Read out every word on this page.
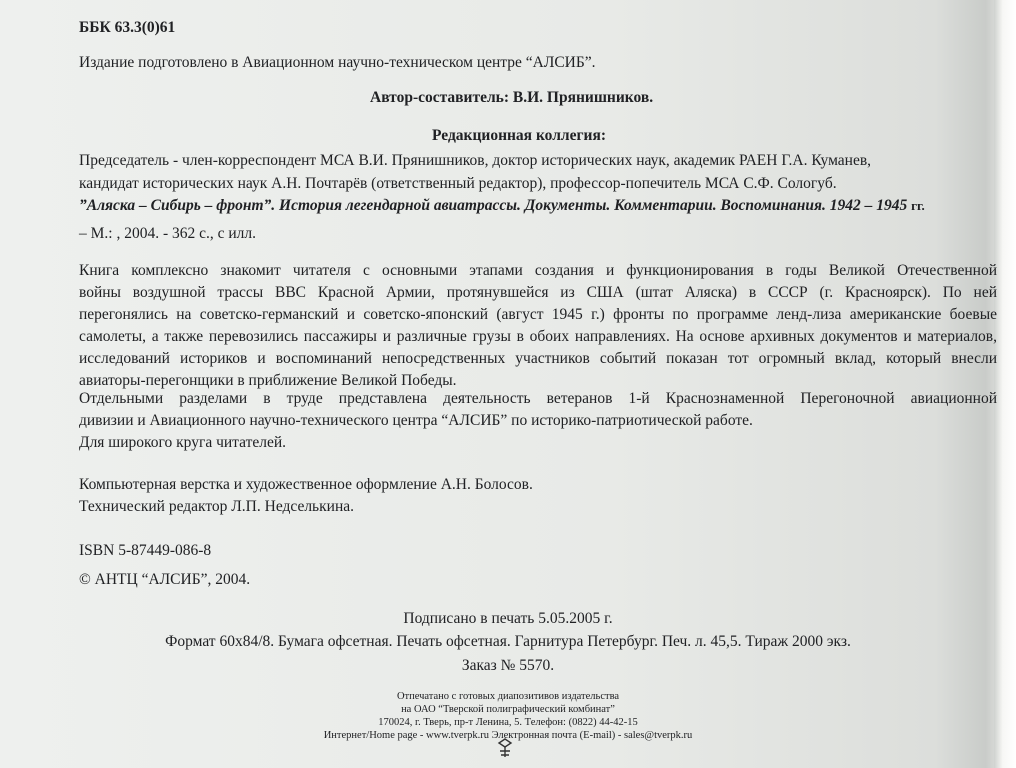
ББК 63.3(0)61
Издание подготовлено в Авиационном научно-техническом центре “АЛСИБ”.
Автор-составитель: В.И. Прянишников.
Редакционная коллегия:
Председатель - член-корреспондент МСА В.И. Прянишников, доктор исторических наук, академик РАЕН Г.А. Куманев,
кандидат исторических наук А.Н. Почтарёв (ответственный редактор), профессор-попечитель МСА С.Ф. Сологуб.
”Аляска – Сибирь – фронт”. История легендарной авиатрассы. Документы. Комментарии. Воспоминания. 1942 – 1945 гг.
– М.: , 2004. - 362 с., с илл.
Книга комплексно знакомит читателя с основными этапами создания и функционирования в годы Великой Отечественной
войны воздушной трассы ВВС Красной Армии, протянувшейся из США (штат Аляска) в СССР (г. Красноярск). По ней
перегонялись на советско-германский и советско-японский (август 1945 г.) фронты по программе ленд-лиза американские боевые
самолеты, а также перевозились пассажиры и различные грузы в обоих направлениях. На основе архивных документов и материалов,
исследований историков и воспоминаний непосредственных участников событий показан тот огромный вклад, который внесли
авиаторы-перегонщики в приближение Великой Победы.
Отдельными разделами в труде представлена деятельность ветеранов 1-й Краснознаменной Перегоночной авиационной
дивизии и Авиационного научно-технического центра “АЛСИБ” по историко-патриотической работе.
Для широкого круга читателей.
Компьютерная верстка и художественное оформление А.Н. Болосов.
Технический редактор Л.П. Недселькина.
ISBN 5-87449-086-8
© АНТЦ “АЛСИБ”, 2004.
Подписано в печать 5.05.2005 г.
Формат 60х84/8. Бумага офсетная. Печать офсетная. Гарнитура Петербург. Печ. л. 45,5. Тираж 2000 экз.
Заказ № 5570.
Отпечатано с готовых диапозитивов издательства
на ОАО “Тверской полиграфический комбинат”
170024, г. Тверь, пр-т Ленина, 5. Телефон: (0822) 44-42-15
Интернет/Home page - www.tverpk.ru Электронная почта (E-mail) - sales@tverpk.ru
